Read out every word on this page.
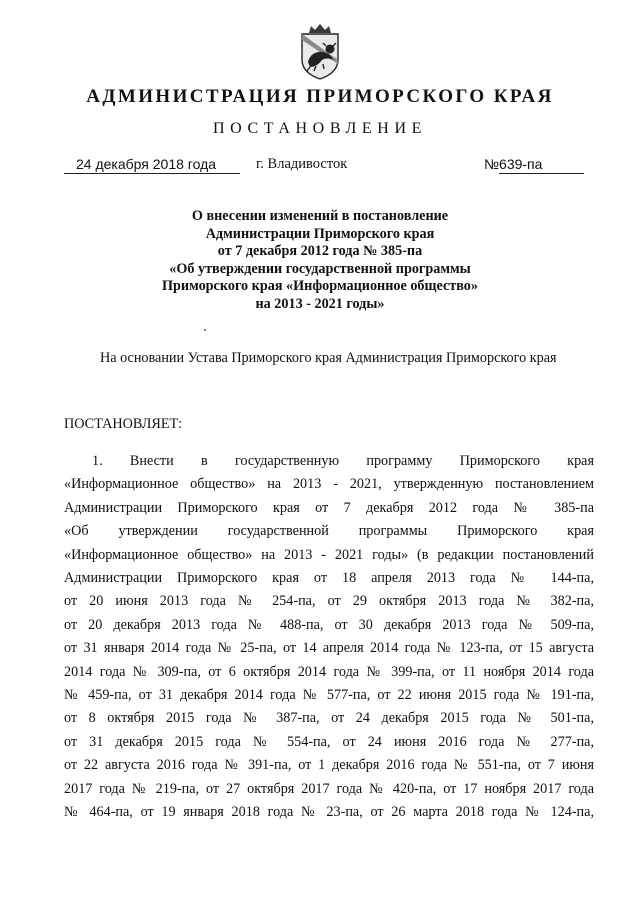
АДМИНИСТРАЦИЯ ПРИМОРСКОГО КРАЯ
ПОСТАНОВЛЕНИЕ
24 декабря 2018 года	г. Владивосток	№639-па
О внесении изменений в постановление
Администрации Приморского края
от 7 декабря 2012 года № 385-па
«Об утверждении государственной программы
Приморского края «Информационное общество»
на 2013 - 2021 годы»
На основании Устава Приморского края Администрация Приморского края
ПОСТАНОВЛЯЕТ:
1. Внести в государственную программу Приморского края
«Информационное общество» на 2013 - 2021, утвержденную постановлением
Администрации Приморского края от 7 декабря 2012 года № 385-па
«Об утверждении государственной программы Приморского края
«Информационное общество» на 2013 - 2021 годы» (в редакции постановлений
Администрации Приморского края от 18 апреля 2013 года № 144-па,
от 20 июня 2013 года № 254-па, от 29 октября 2013 года № 382-па,
от 20 декабря 2013 года № 488-па, от 30 декабря 2013 года № 509-па,
от 31 января 2014 года № 25-па, от 14 апреля 2014 года № 123-па, от 15 августа
2014 года № 309-па, от 6 октября 2014 года № 399-па, от 11 ноября 2014 года
№ 459-па, от 31 декабря 2014 года № 577-па, от 22 июня 2015 года № 191-па,
от 8 октября 2015 года № 387-па, от 24 декабря 2015 года № 501-па,
от 31 декабря 2015 года № 554-па, от 24 июня 2016 года № 277-па,
от 22 августа 2016 года № 391-па, от 1 декабря 2016 года № 551-па, от 7 июня
2017 года № 219-па, от 27 октября 2017 года № 420-па, от 17 ноября 2017 года
№ 464-па, от 19 января 2018 года № 23-па, от 26 марта 2018 года № 124-па,
